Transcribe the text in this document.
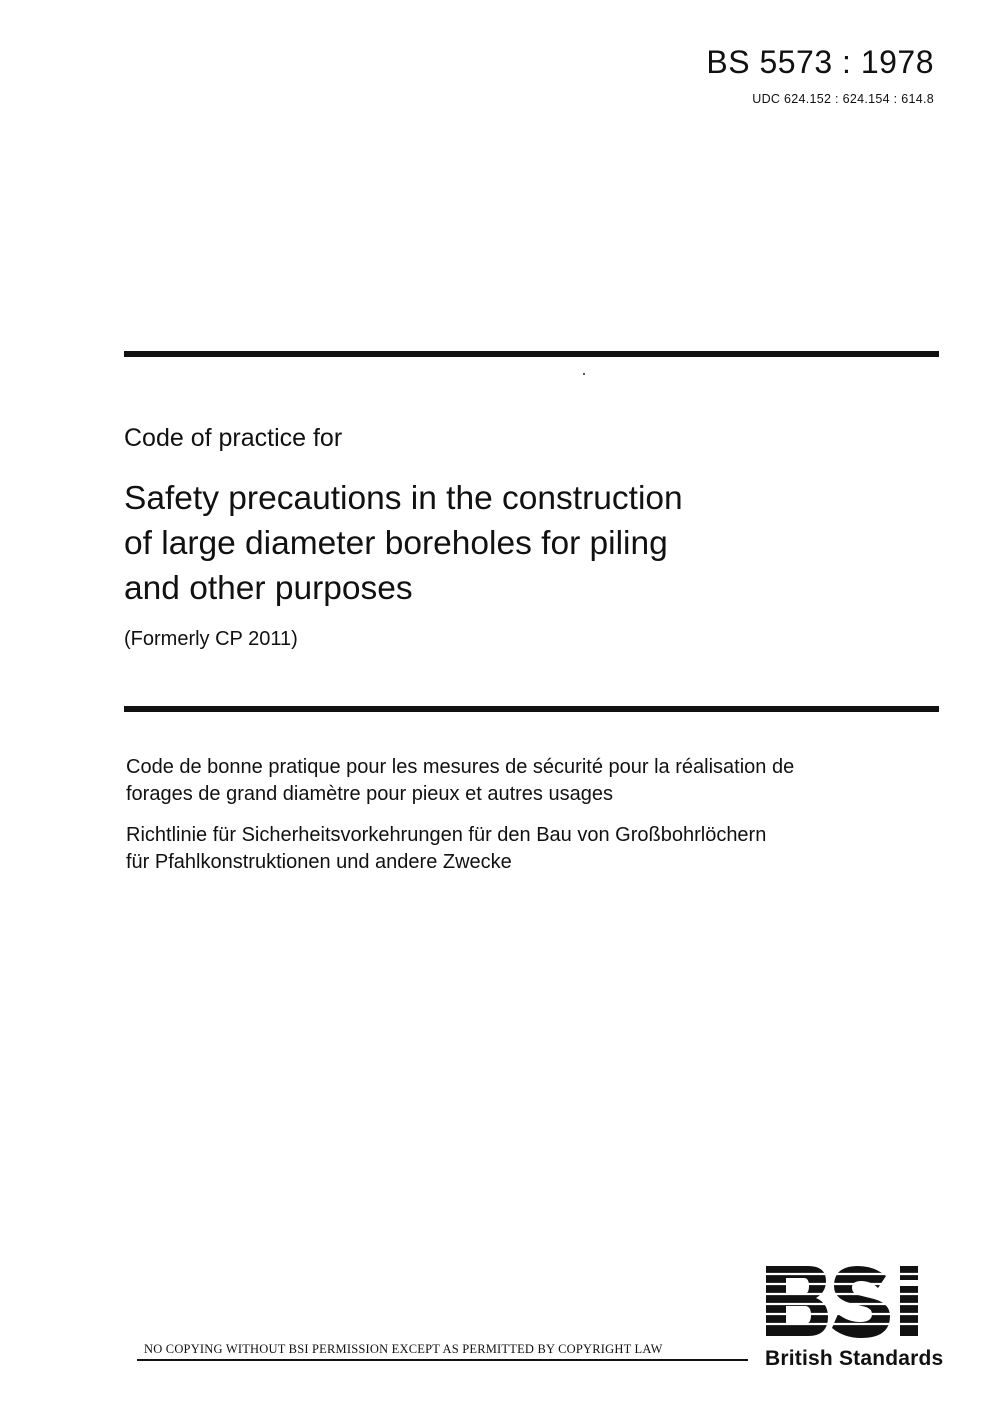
BS 5573 : 1978
UDC 624.152 : 624.154 : 614.8
Code of practice for
Safety precautions in the construction
of large diameter boreholes for piling
and other purposes
(Formerly CP 2011)
Code de bonne pratique pour les mesures de sécurité pour la réalisation de
forages de grand diamètre pour pieux et autres usages
Richtlinie für Sicherheitsvorkehrungen für den Bau von Großbohrlöchern
für Pfahlkonstruktionen und andere Zwecke
NO COPYING WITHOUT BSI PERMISSION EXCEPT AS PERMITTED BY COPYRIGHT LAW	British Standards
